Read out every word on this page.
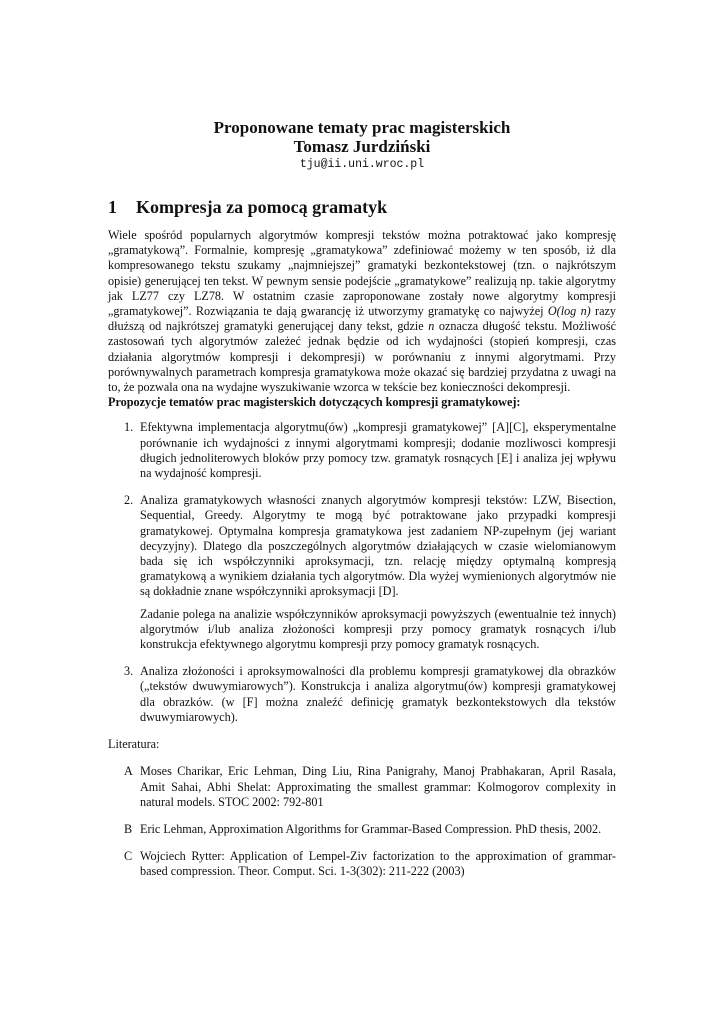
Proponowane tematy prac magisterskich

Tomasz Jurdziński

tju@ii.uni.wroc.pl

1	Kompresja za pomocą gramatyk

Wiele spośród popularnych algorytmów kompresji tekstów można potraktować jako kompresję „gramatykową”. Formalnie, kompresję „gramatykowa” zdefiniować możemy w ten sposób, iż dla kompresowanego tekstu szukamy „najmniejszej” gramatyki bezkontekstowej (tzn. o najkrótszym opisie) generującej ten tekst. W pewnym sensie podejście „gramatykowe” realizują np. takie algorytmy jak LZ77 czy LZ78. W ostatnim czasie zaproponowane zostały nowe algorytmy kompresji „gramatykowej”. Rozwiązania te dają gwarancję iż utworzymy gramatykę co najwyżej O(log n) razy dłuższą od najkrótszej gramatyki generującej dany tekst, gdzie n oznacza długość tekstu. Możliwość zastosowań tych algorytmów zależeć jednak będzie od ich wydajności (stopień kompresji, czas działania algorytmów kompresji i dekompresji) w porównaniu z innymi algorytmami. Przy porównywalnych parametrach kompresja gramatykowa może okazać się bardziej przydatna z uwagi na to, że pozwala ona na wydajne wyszukiwanie wzorca w tekście bez konieczności dekompresji.

Propozycje tematów prac magisterskich dotyczących kompresji gramatykowej:

1. Efektywna implementacja algorytmu(ów) „kompresji gramatykowej” [A][C], eksperymentalne porównanie ich wydajności z innymi algorytmami kompresji; dodanie mozliwosci kompresji długich jednoliterowych bloków przy pomocy tzw. gramatyk rosnących [E] i analiza jej wpływu na wydajność kompresji.

2. Analiza gramatykowych własności znanych algorytmów kompresji tekstów: LZW, Bisection, Sequential, Greedy. Algorytmy te mogą być potraktowane jako przypadki kompresji gramatykowej. Optymalna kompresja gramatykowa jest zadaniem NP-zupełnym (jej wariant decyzyjny). Dlatego dla poszczególnych algorytmów działających w czasie wielomianowym bada się ich współczynniki aproksymacji, tzn. relację między optymalną kompresją gramatykową a wynikiem działania tych algorytmów. Dla wyżej wymienionych algorytmów nie są dokładnie znane współczynniki aproksymacji [D].

Zadanie polega na analizie współczynników aproksymacji powyższych (ewentualnie też innych) algorytmów i/lub analiza złożoności kompresji przy pomocy gramatyk rosnących i/lub konstrukcja efektywnego algorytmu kompresji przy pomocy gramatyk rosnących.

3. Analiza złożoności i aproksymowalności dla problemu kompresji gramatykowej dla obrazków („tekstów dwuwymiarowych”). Konstrukcja i analiza algorytmu(ów) kompresji gramatykowej dla obrazków. (w [F] można znaleźć definicję gramatyk bezkontekstowych dla tekstów dwuwymiarowych).

Literatura:

A Moses Charikar, Eric Lehman, Ding Liu, Rina Panigrahy, Manoj Prabhakaran, April Rasala, Amit Sahai, Abhi Shelat: Approximating the smallest grammar: Kolmogorov complexity in natural models. STOC 2002: 792-801

B Eric Lehman, Approximation Algorithms for Grammar-Based Compression. PhD thesis, 2002.

C Wojciech Rytter: Application of Lempel-Ziv factorization to the approximation of grammar-based compression. Theor. Comput. Sci. 1-3(302): 211-222 (2003)
